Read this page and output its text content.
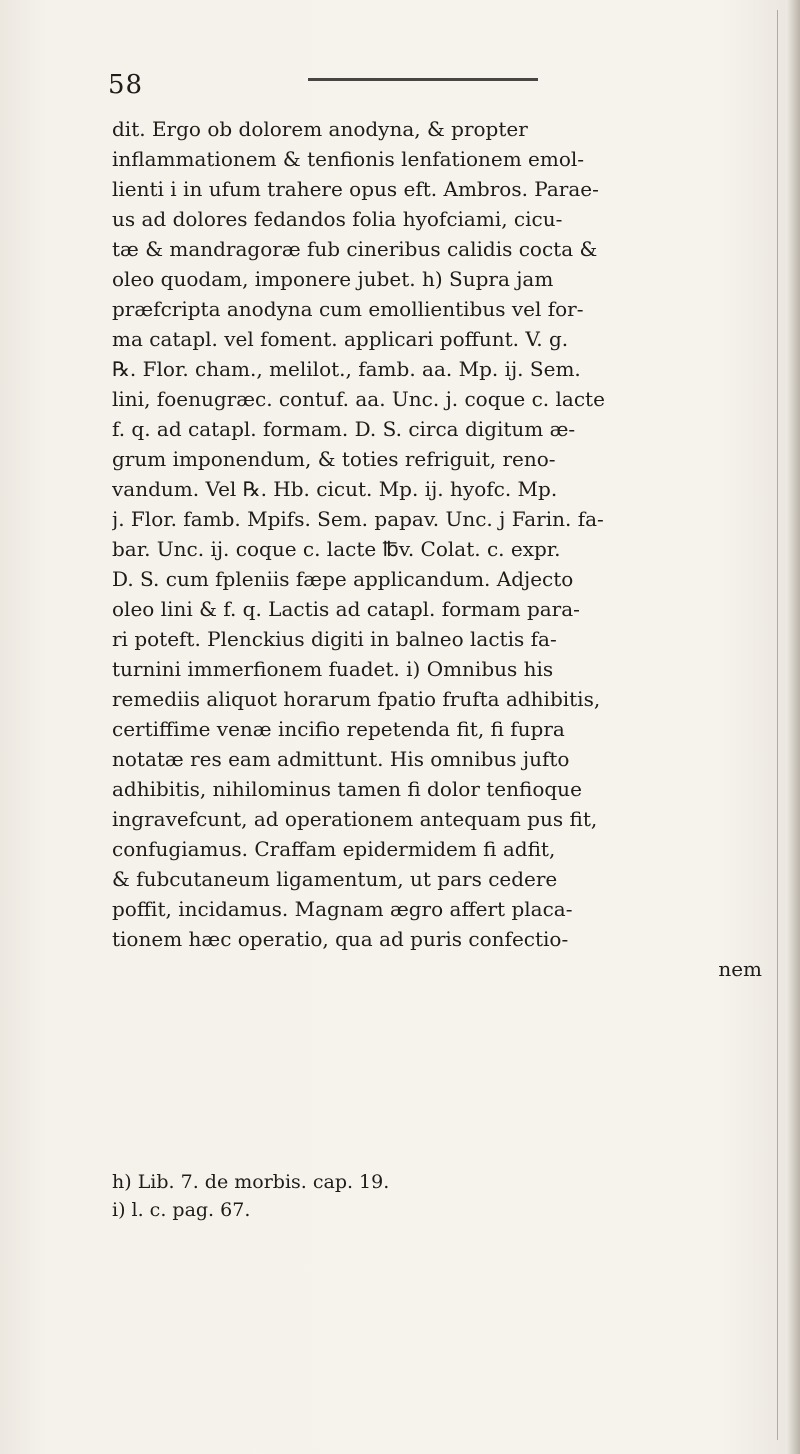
58
dit. Ergo ob dolorem anodyna, & propter
inflammationem & tenfionis lenfationem emol-
lienti i in ufum trahere opus eft. Ambros. Parae-
us ad dolores fedandos folia hyofciami, cicu-
tæ & mandragoræ fub cineribus calidis cocta &
oleo quodam, imponere jubet. h) Supra jam
præfcripta anodyna cum emollientibus vel for-
ma catapl. vel foment. applicari poffunt. V. g.
℞. Flor. cham., melilot., famb. aa. Mp. ij. Sem.
lini, foenugræc. contuf. aa. Unc. j. coque c. lacte
f. q. ad catapl. formam. D. S. circa digitum æ-
grum imponendum, & toties refriguit, reno-
vandum. Vel ℞. Hb. cicut. Mp. ij. hyofc. Mp.
j. Flor. famb. Mpifs. Sem. papav. Unc. j Farin. fa-
bar. Unc. ij. coque c. lacte ℔v. Colat. c. expr.
D. S. cum fpleniis fæpe applicandum. Adjecto
oleo lini & f. q. Lactis ad catapl. formam para-
ri poteft. Plenckius digiti in balneo lactis fa-
turnini immerfionem fuadet. i) Omnibus his
remediis aliquot horarum fpatio frufta adhibitis,
certiffime venæ incifio repetenda fit, fi fupra
notatæ res eam admittunt. His omnibus jufto
adhibitis, nihilominus tamen fi dolor tenfioque
ingravefcunt, ad operationem antequam pus fit,
confugiamus. Craffam epidermidem fi adfit,
& fubcutaneum ligamentum, ut pars cedere
poffit, incidamus. Magnam ægro affert placa-
tionem hæc operatio, qua ad puris confectio-
nem
h) Lib. 7. de morbis. cap. 19.
i) l. c. pag. 67.
